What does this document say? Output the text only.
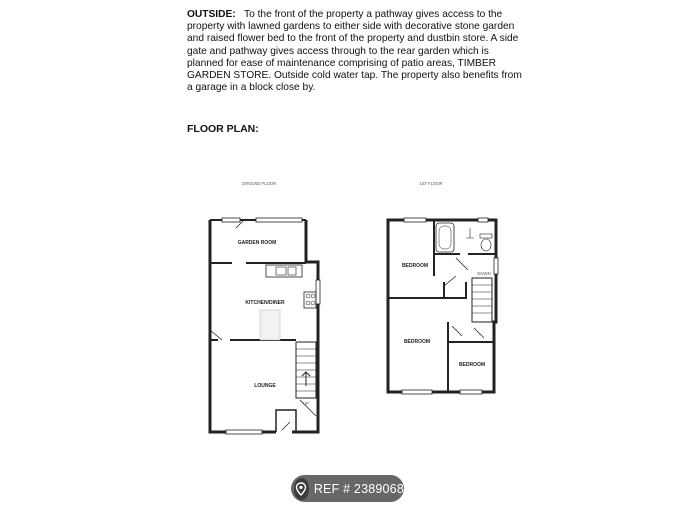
OUTSIDE: To the front of the property a pathway gives access to the property with lawned gardens to either side with decorative stone garden and raised flower bed to the front of the property and dustbin store. A side gate and pathway gives access through to the rear garden which is planned for ease of maintenance comprising of patio areas, TIMBER GARDEN STORE. Outside cold water tap. The property also benefits from a garage in a block close by.

FLOOR PLAN:

GROUND FLOOR
GARDEN ROOM
KITCHEN/DINER
LOUNGE
UP
1ST FLOOR
BEDROOM
BEDROOM
BEDROOM
DOWN
REF # 2389068
